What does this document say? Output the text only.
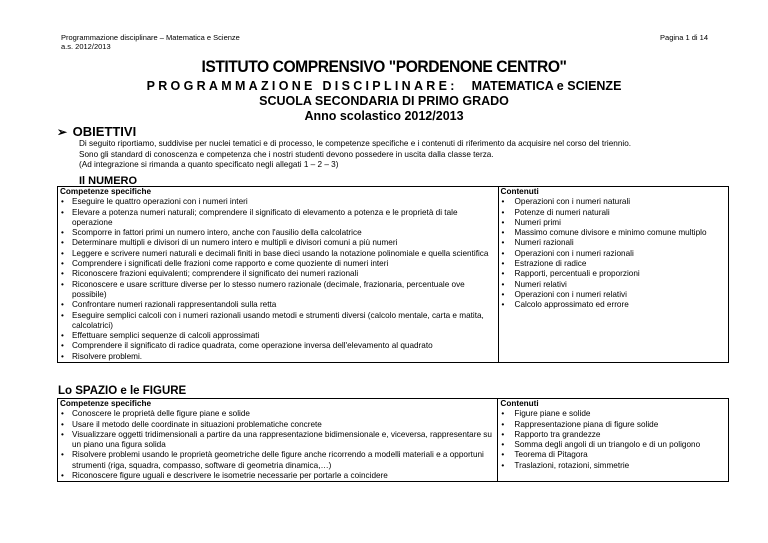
Programmazione disciplinare – Matematica e Scienze
a.s. 2012/2013
Pagina 1 di 14
ISTITUTO COMPRENSIVO "PORDENONE CENTRO"
PROGRAMMAZIONE DISCIPLINARE: MATEMATICA e SCIENZE
SCUOLA SECONDARIA DI PRIMO GRADO
Anno scolastico 2012/2013
➢ OBIETTIVI
Di seguito riportiamo, suddivise per nuclei tematici e di processo, le competenze specifiche e i contenuti di riferimento da acquisire nel corso del triennio.
Sono gli standard di conoscenza e competenza che i nostri studenti devono possedere in uscita dalla classe terza.
(Ad integrazione si rimanda a quanto specificato negli allegati 1 – 2 – 3)
Il NUMERO
Competenze specifiche
• Eseguire le quattro operazioni con i numeri interi
• Elevare a potenza numeri naturali; comprendere il significato di elevamento a potenza e le proprietà di tale operazione
• Scomporre in fattori primi un numero intero, anche con l'ausilio della calcolatrice
• Determinare multipli e divisori di un numero intero e multipli e divisori comuni a più numeri
• Leggere e scrivere numeri naturali e decimali finiti in base dieci usando la notazione polinomiale e quella scientifica
• Comprendere i significati delle frazioni come rapporto e come quoziente di numeri interi
• Riconoscere frazioni equivalenti; comprendere il significato dei numeri razionali
• Riconoscere e usare scritture diverse per lo stesso numero razionale (decimale, frazionaria, percentuale ove possibile)
• Confrontare numeri razionali rappresentandoli sulla retta
• Eseguire semplici calcoli con i numeri razionali usando metodi e strumenti diversi (calcolo mentale, carta e matita, calcolatrici)
• Effettuare semplici sequenze di calcoli approssimati
• Comprendere il significato di radice quadrata, come operazione inversa dell'elevamento al quadrato
• Risolvere problemi.

Contenuti
• Operazioni con i numeri naturali
• Potenze di numeri naturali
• Numeri primi
• Massimo comune divisore e minimo comune multiplo
• Numeri razionali
• Operazioni con i numeri razionali
• Estrazione di radice
• Rapporti, percentuali e proporzioni
• Numeri relativi
• Operazioni con i numeri relativi
• Calcolo approssimato ed errore
Lo SPAZIO e le FIGURE
Competenze specifiche
• Conoscere le proprietà delle figure piane e solide
• Usare il metodo delle coordinate in situazioni problematiche concrete
• Visualizzare oggetti tridimensionali a partire da una rappresentazione bidimensionale e, viceversa, rappresentare su un piano una figura solida
• Risolvere problemi usando le proprietà geometriche delle figure anche ricorrendo a modelli materiali e a opportuni strumenti (riga, squadra, compasso, software di geometria dinamica,…)
• Riconoscere figure uguali e descrivere le isometrie necessarie per portarle a coincidere

Contenuti
• Figure piane e solide
• Rappresentazione piana di figure solide
• Rapporto tra grandezze
• Somma degli angoli di un triangolo e di un poligono
• Teorema di Pitagora
• Traslazioni, rotazioni, simmetrie
